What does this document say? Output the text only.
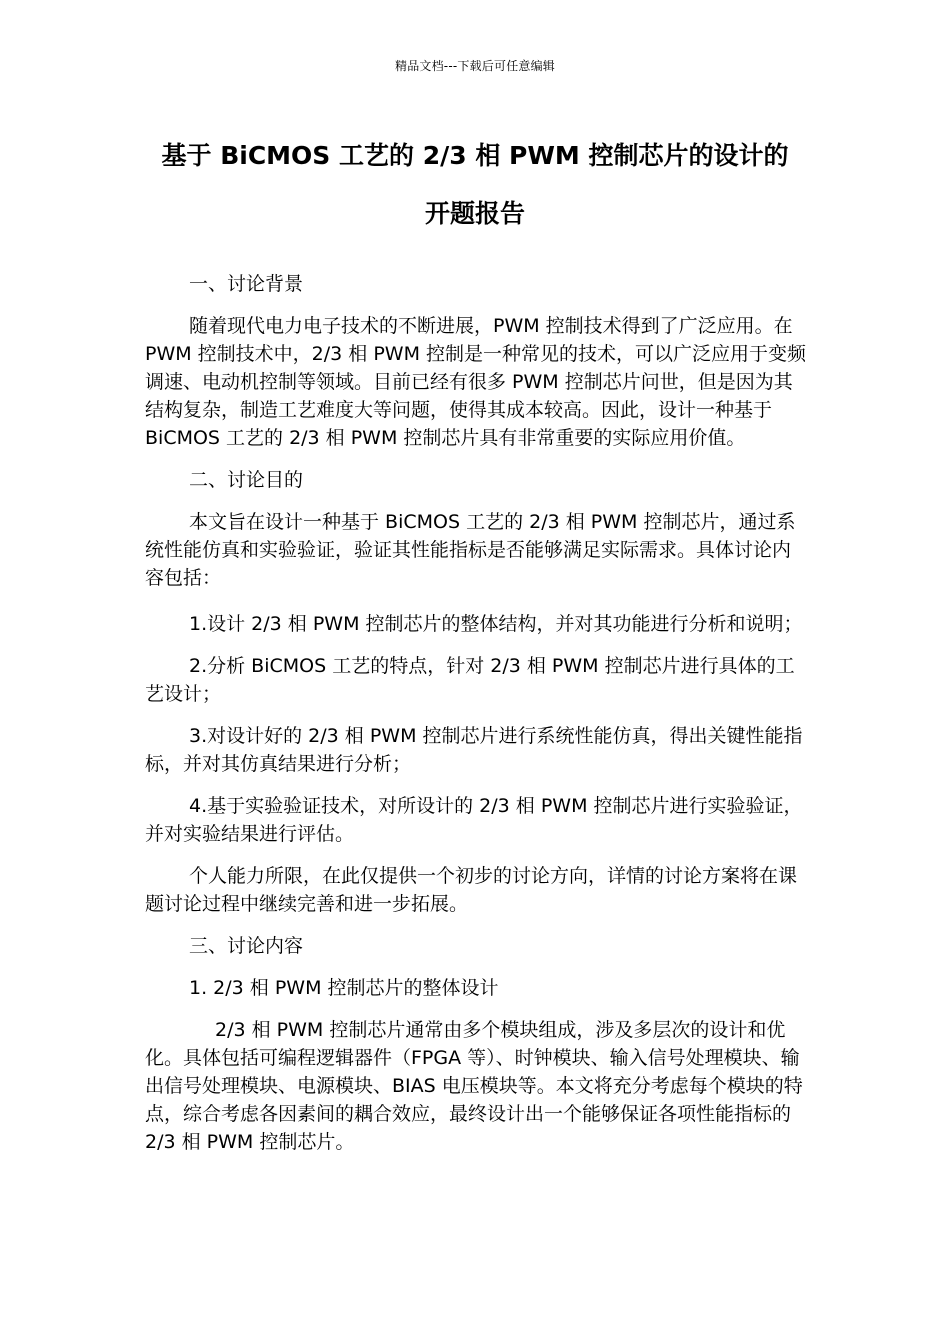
精品文档---下载后可任意编辑
基于 BiCMOS 工艺的 2/3 相 PWM 控制芯片的设计的
开题报告

一、讨论背景

随着现代电力电子技术的不断进展，PWM 控制技术得到了广泛应用。在 PWM 控制技术中，2/3 相 PWM 控制是一种常见的技术，可以广泛应用于变频调速、电动机控制等领域。目前已经有很多 PWM 控制芯片问世，但是因为其结构复杂，制造工艺难度大等问题，使得其成本较高。因此，设计一种基于 BiCMOS 工艺的 2/3 相 PWM 控制芯片具有非常重要的实际应用价值。

二、讨论目的

本文旨在设计一种基于 BiCMOS 工艺的 2/3 相 PWM 控制芯片，通过系统性能仿真和实验验证，验证其性能指标是否能够满足实际需求。具体讨论内容包括：

1.设计 2/3 相 PWM 控制芯片的整体结构，并对其功能进行分析和说明；

2.分析 BiCMOS 工艺的特点，针对 2/3 相 PWM 控制芯片进行具体的工艺设计；

3.对设计好的 2/3 相 PWM 控制芯片进行系统性能仿真，得出关键性能指标，并对其仿真结果进行分析；

4.基于实验验证技术，对所设计的 2/3 相 PWM 控制芯片进行实验验证，并对实验结果进行评估。

个人能力所限，在此仅提供一个初步的讨论方向，详情的讨论方案将在课题讨论过程中继续完善和进一步拓展。

三、讨论内容

1. 2/3 相 PWM 控制芯片的整体设计

2/3 相 PWM 控制芯片通常由多个模块组成，涉及多层次的设计和优化。具体包括可编程逻辑器件（FPGA 等）、时钟模块、输入信号处理模块、输出信号处理模块、电源模块、BIAS 电压模块等。本文将充分考虑每个模块的特点，综合考虑各因素间的耦合效应，最终设计出一个能够保证各项性能指标的 2/3 相 PWM 控制芯片。
